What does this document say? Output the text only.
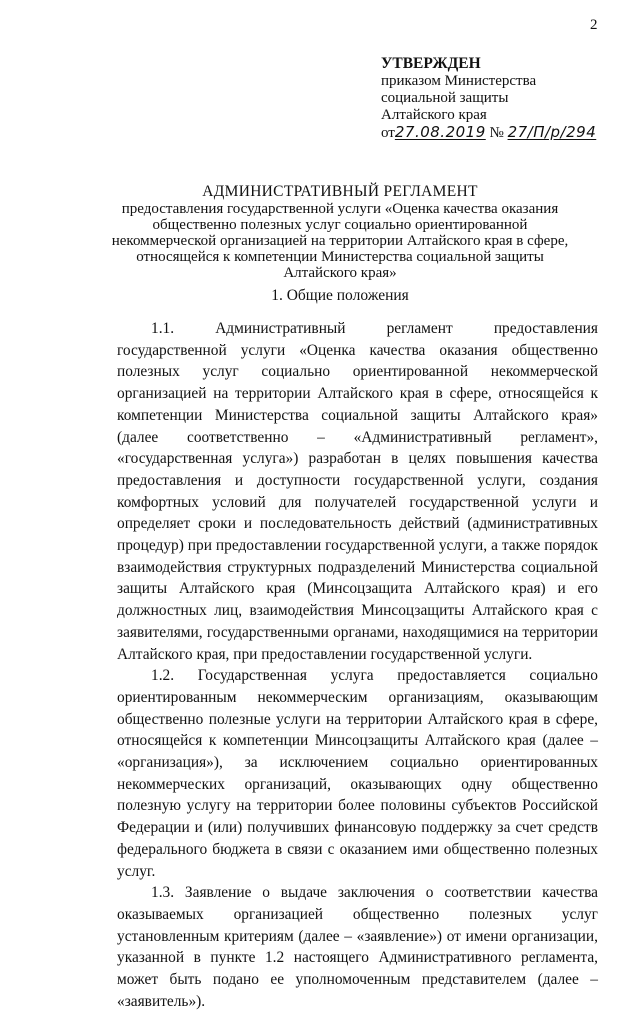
2
УТВЕРЖДЕН
приказом Министерства
социальной защиты
Алтайского края
от27.08.2019 № 27/П/р/294
АДМИНИСТРАТИВНЫЙ РЕГЛАМЕНТ
предоставления государственной услуги «Оценка качества оказания общественно полезных услуг социально ориентированной некоммерческой организацией на территории Алтайского края в сфере, относящейся к компетенции Министерства социальной защиты Алтайского края»
1. Общие положения

1.1. Административный регламент предоставления государственной услуги «Оценка качества оказания общественно полезных услуг социально ориентированной некоммерческой организацией на территории Алтайского края в сфере, относящейся к компетенции Министерства социальной защиты Алтайского края» (далее соответственно – «Административный регламент», «государственная услуга») разработан в целях повышения качества предоставления и доступности государственной услуги, создания комфортных условий для получателей государственной услуги и определяет сроки и последовательность действий (административных процедур) при предоставлении государственной услуги, а также порядок взаимодействия структурных подразделений Министерства социальной защиты Алтайского края (Минсоцзащита Алтайского края) и его должностных лиц, взаимодействия Минсоцзащиты Алтайского края с заявителями, государственными органами, находящимися на территории Алтайского края, при предоставлении государственной услуги.

1.2. Государственная услуга предоставляется социально ориентированным некоммерческим организациям, оказывающим общественно полезные услуги на территории Алтайского края в сфере, относящейся к компетенции Минсоцзащиты Алтайского края (далее – «организация»), за исключением социально ориентированных некоммерческих организаций, оказывающих одну общественно полезную услугу на территории более половины субъектов Российской Федерации и (или) получивших финансовую поддержку за счет средств федерального бюджета в связи с оказанием ими общественно полезных услуг.

1.3. Заявление о выдаче заключения о соответствии качества оказываемых организацией общественно полезных услуг установленным критериям (далее – «заявление») от имени организации, указанной в пункте 1.2 настоящего Административного регламента, может быть подано ее уполномоченным представителем (далее – «заявитель»).
